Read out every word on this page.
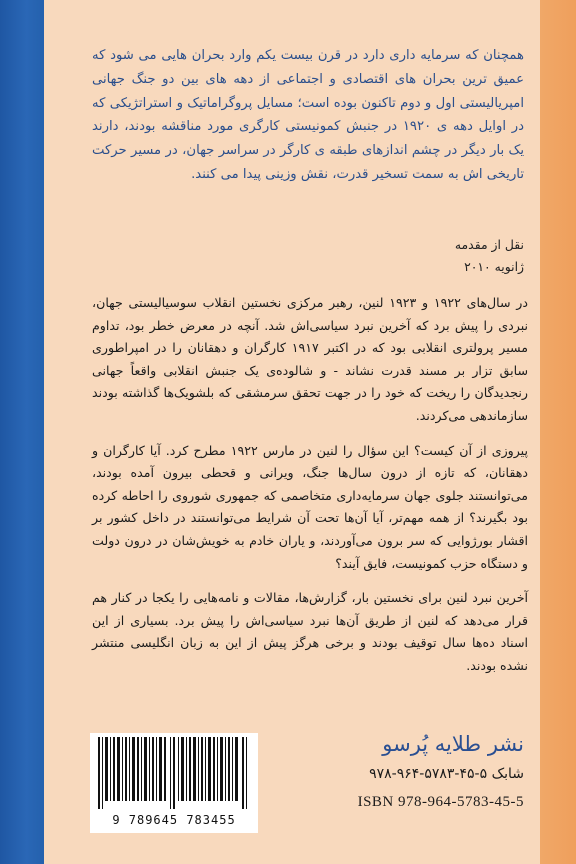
همچنان که سرمایه داری دارد در قرن بیست یکم وارد بحران هایی می شود که عمیق ترین بحران های اقتصادی و اجتماعی از دهه های بین دو جنگ جهانی امپریالیستی اول و دوم تاکنون بوده است؛ مسایل پروگراماتیک و استراتژیکی که در اوایل دهه ی ۱۹۲۰ در جنبش کمونیستی کارگری مورد مناقشه بودند، دارند یک بار دیگر در چشم اندازهای طبقه ی کارگر در سراسر جهان، در مسیر حرکت تاریخی اش به سمت تسخیر قدرت، نقش وزینی پیدا می کنند.
نقل از مقدمه
ژانویه ۲۰۱۰

در سال‌های ۱۹۲۲ و ۱۹۲۳ لنین، رهبر مرکزی نخستین انقلاب سوسیالیستی جهان، نبردی را پیش برد که آخرین نبرد سیاسی‌اش شد. آنچه در معرض خطر بود، تداوم مسیر پرولتری انقلابی بود که در اکتبر ۱۹۱۷ کارگران و دهقانان را در امپراطوری سابق تزار بر مسند قدرت نشاند - و شالوده‌ی یک جنبش انقلابی واقعاً جهانی رنجدیدگان را ریخت که خود را در جهت تحقق سرمشقی که بلشویک‌ها گذاشته بودند سازماندهی می‌کردند.

پیروزی از آن کیست؟ این سؤال را لنین در مارس ۱۹۲۲ مطرح کرد. آیا کارگران و دهقانان، که تازه از درون سال‌ها جنگ، ویرانی و قحطی بیرون آمده بودند، می‌توانستند جلوی جهان سرمایه‌داری متخاصمی که جمهوری شوروی را احاطه کرده بود بگیرند؟ از همه مهم‌تر، آیا آن‌ها تحت آن شرایط می‌توانستند در داخل کشور بر اقشار بورژوایی که سر برون می‌آوردند، و یاران خادم به خویش‌شان در درون دولت و دستگاه حزب کمونیست، فایق آیند؟

آخرین نبرد لنین برای نخستین بار، گزارش‌ها، مقالات و نامه‌هایی را یکجا در کنار هم قرار می‌دهد که لنین از طریق آن‌ها نبرد سیاسی‌اش را پیش برد. بسیاری از این اسناد ده‌ها سال توقیف بودند و برخی هرگز پیش از این به زبان انگلیسی منتشر نشده بودند.

9 789645 783455
نشر طلایه پُرسو
شابک ۵-۴۵-۵۷۸۳-۹۶۴-۹۷۸
ISBN 978-964-5783-45-5
